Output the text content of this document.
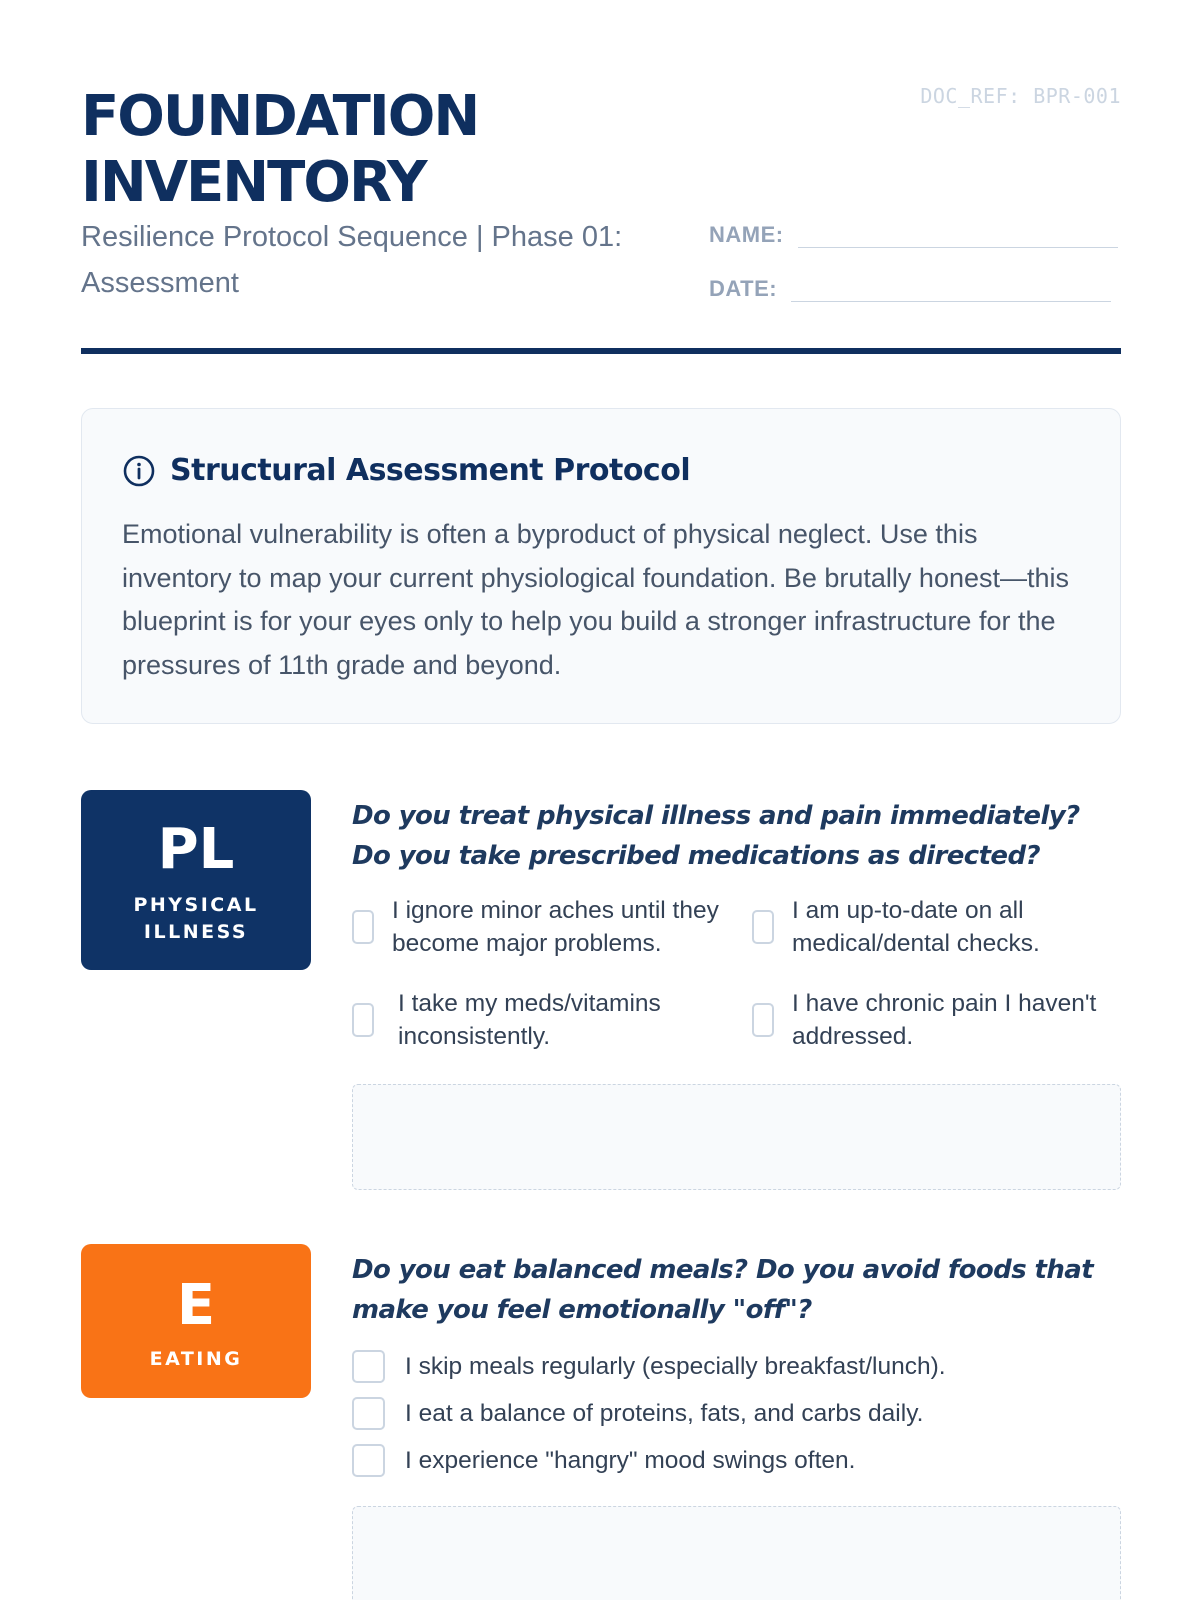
DOC_REF: BPR-001
FOUNDATION
INVENTORY
Resilience Protocol Sequence | Phase 01: Assessment
NAME:
DATE:
Structural Assessment Protocol
Emotional vulnerability is often a byproduct of physical neglect. Use this inventory to map your current physiological foundation. Be brutally honest—this blueprint is for your eyes only to help you build a stronger infrastructure for the pressures of 11th grade and beyond.
PL
PHYSICAL
ILLNESS
Do you treat physical illness and pain immediately? Do you take prescribed medications as directed?
I ignore minor aches until they become major problems.
I am up-to-date on all medical/dental checks.
I take my meds/vitamins inconsistently.
I have chronic pain I haven't addressed.
E
EATING
Do you eat balanced meals? Do you avoid foods that make you feel emotionally "off"?
I skip meals regularly (especially breakfast/lunch).
I eat a balance of proteins, fats, and carbs daily.
I experience "hangry" mood swings often.
